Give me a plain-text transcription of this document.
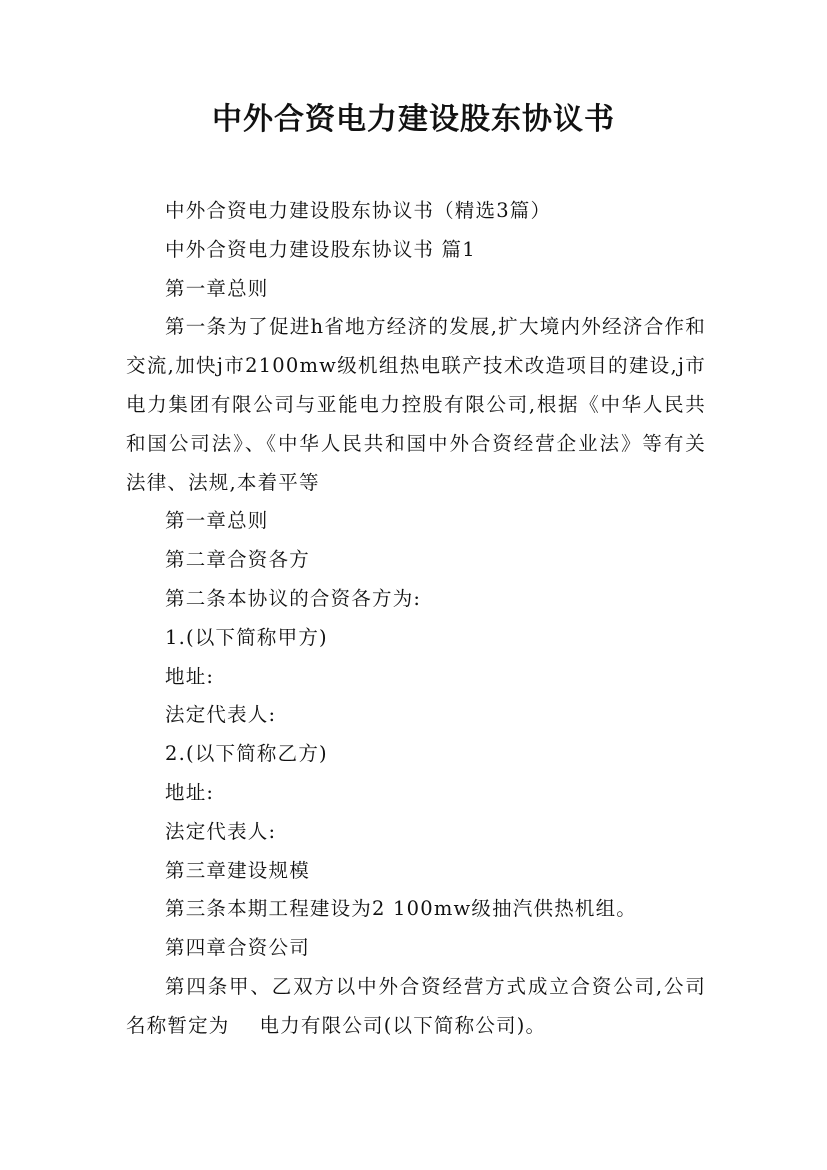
中外合资电力建设股东协议书

中外合资电力建设股东协议书（精选3篇）

中外合资电力建设股东协议书 篇1

第一章总则

第一条为了促进h省地方经济的发展,扩大境内外经济合作和交流,加快j市2100mw级机组热电联产技术改造项目的建设,j市电力集团有限公司与亚能电力控股有限公司,根据《中华人民共和国公司法》、《中华人民共和国中外合资经营企业法》等有关法律、法规,本着平等

第一章总则

第二章合资各方

第二条本协议的合资各方为:

1.(以下简称甲方)

地址:

法定代表人:

2.(以下简称乙方)

地址:

法定代表人:

第三章建设规模

第三条本期工程建设为2 100mw级抽汽供热机组。

第四章合资公司

第四条甲、乙双方以中外合资经营方式成立合资公司,公司名称暂定为 电力有限公司(以下简称公司)。
